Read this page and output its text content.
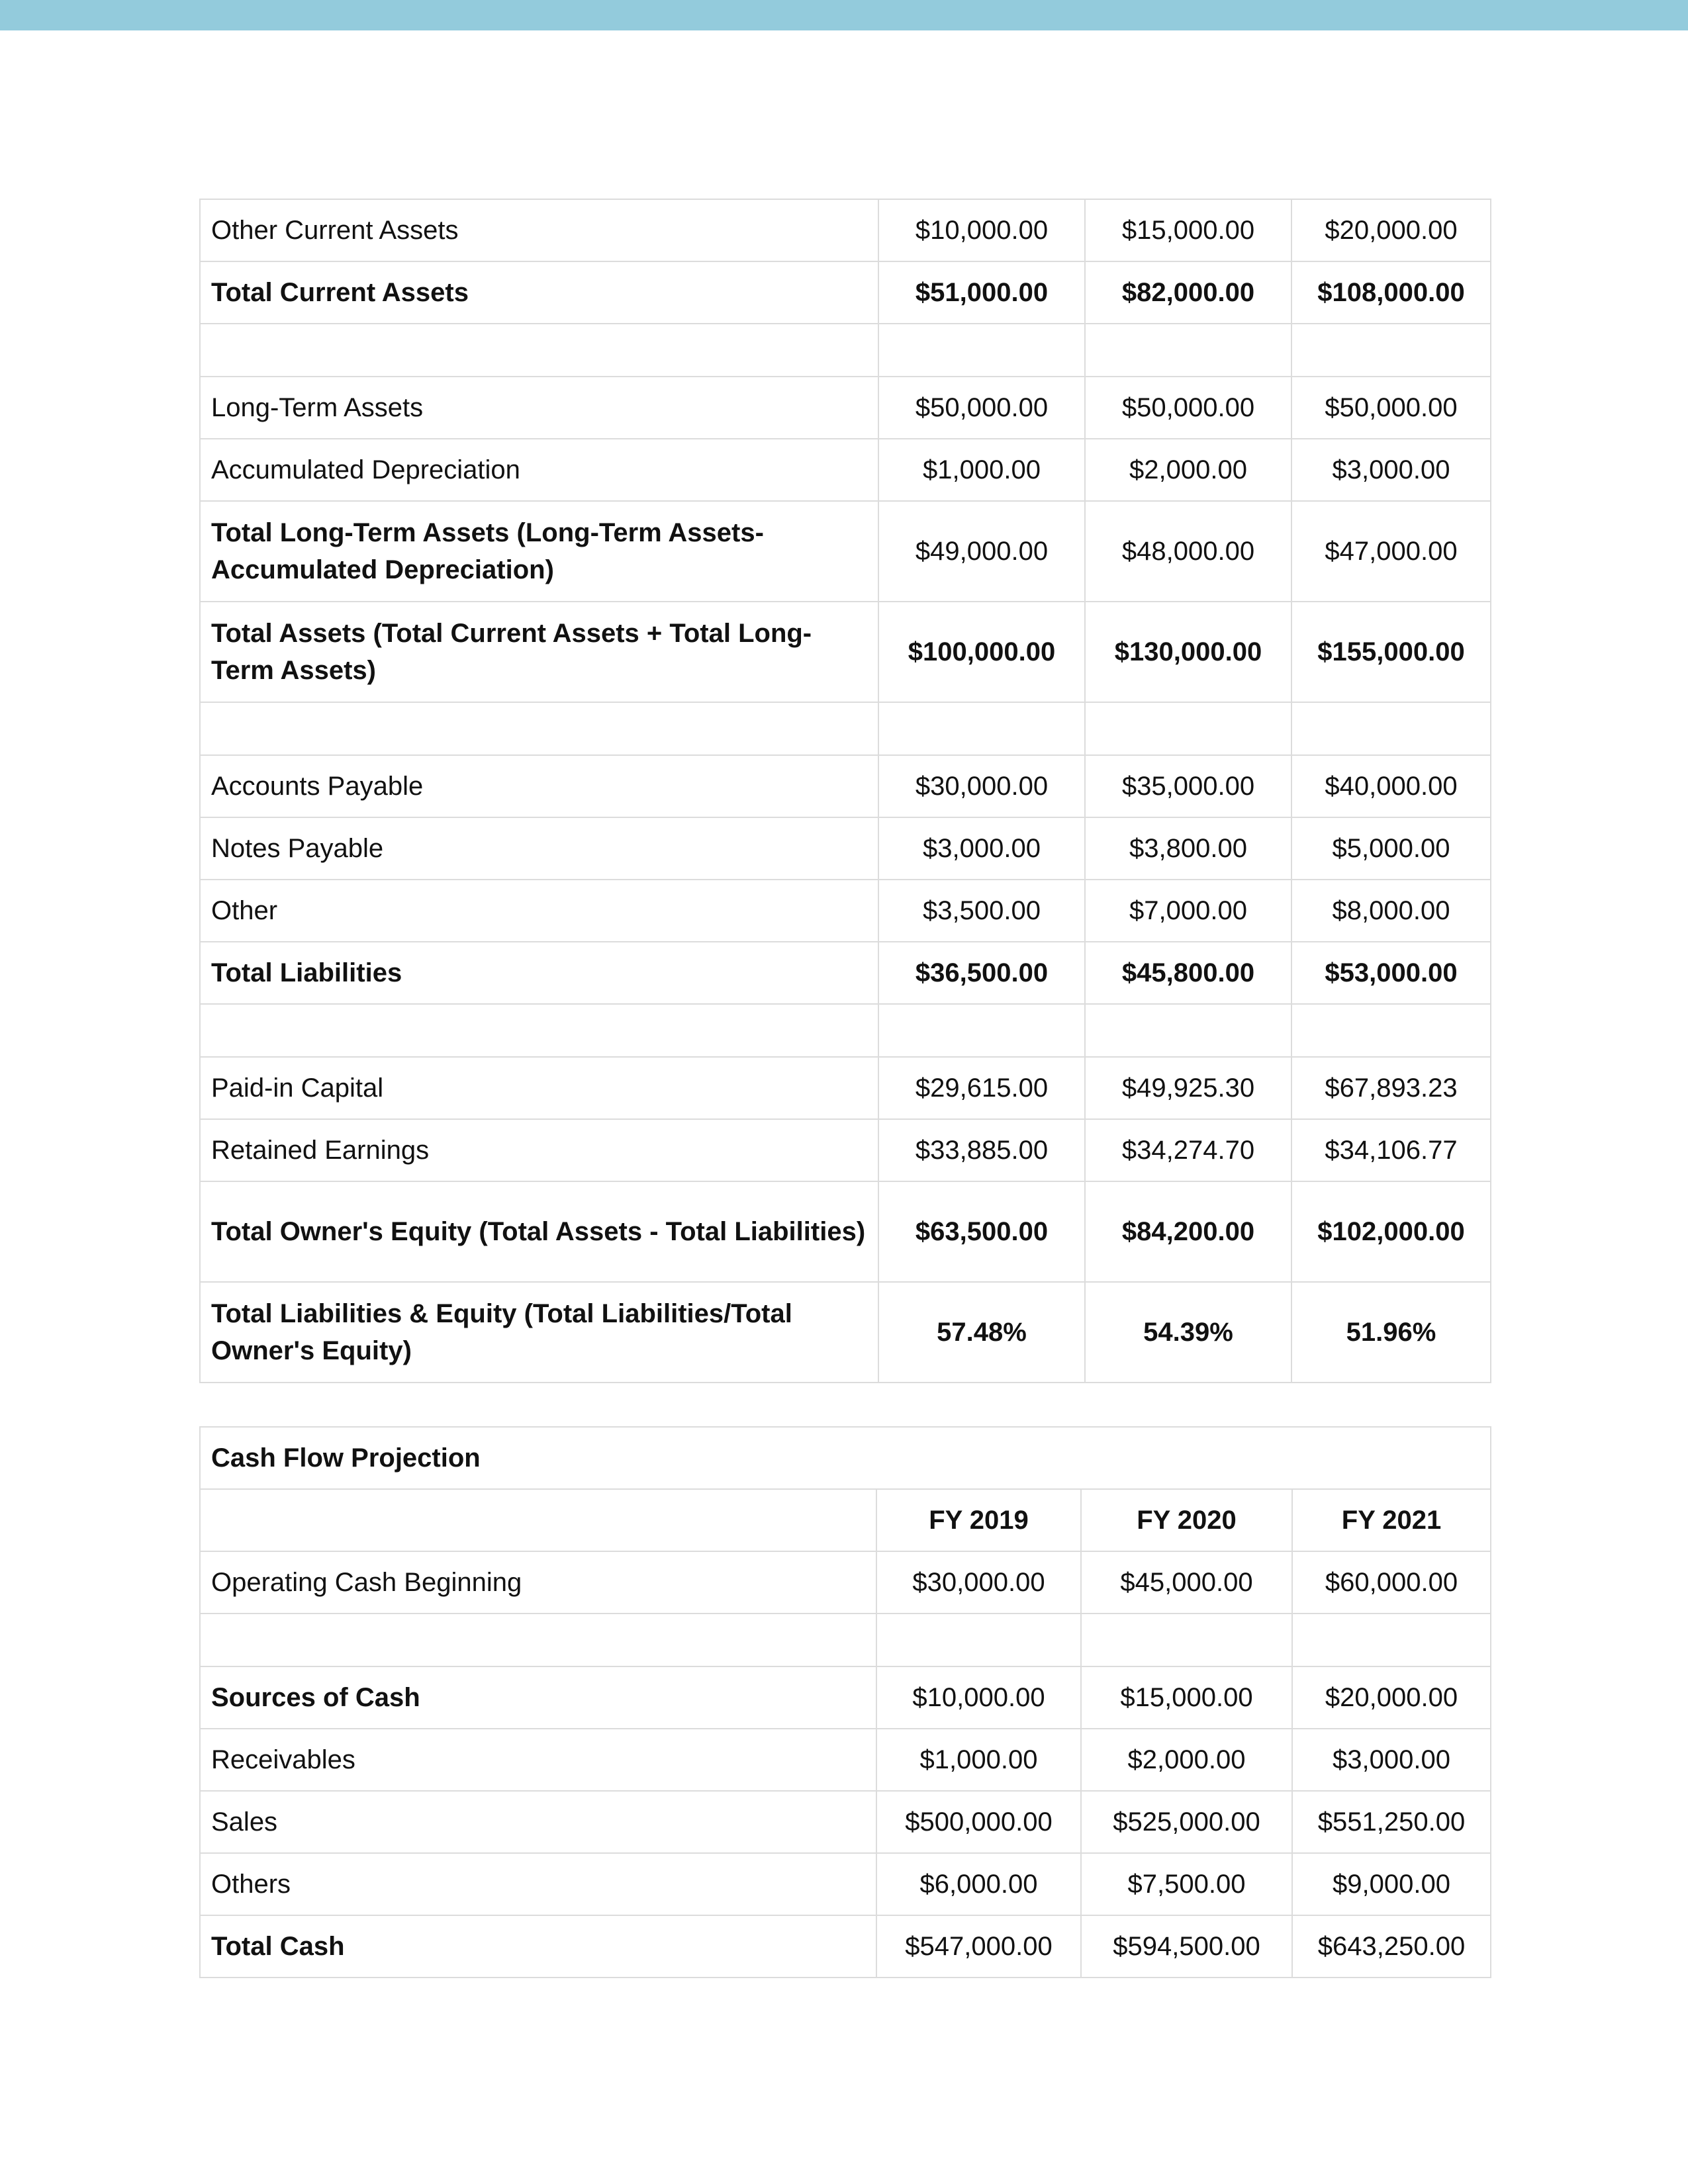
Other Current Assets	$10,000.00	$15,000.00	$20,000.00
Total Current Assets	$51,000.00	$82,000.00	$108,000.00

Long-Term Assets	$50,000.00	$50,000.00	$50,000.00
Accumulated Depreciation	$1,000.00	$2,000.00	$3,000.00
Total Long-Term Assets (Long-Term Assets-Accumulated Depreciation)	$49,000.00	$48,000.00	$47,000.00
Total Assets (Total Current Assets + Total Long-Term Assets)	$100,000.00	$130,000.00	$155,000.00

Accounts Payable	$30,000.00	$35,000.00	$40,000.00
Notes Payable	$3,000.00	$3,800.00	$5,000.00
Other	$3,500.00	$7,000.00	$8,000.00
Total Liabilities	$36,500.00	$45,800.00	$53,000.00

Paid-in Capital	$29,615.00	$49,925.30	$67,893.23
Retained Earnings	$33,885.00	$34,274.70	$34,106.77
Total Owner's Equity (Total Assets - Total Liabilities)	$63,500.00	$84,200.00	$102,000.00
Total Liabilities & Equity (Total Liabilities/Total Owner's Equity)	57.48%	54.39%	51.96%
Cash Flow Projection			
	FY 2019	FY 2020	FY 2021
Operating Cash Beginning	$30,000.00	$45,000.00	$60,000.00

Sources of Cash	$10,000.00	$15,000.00	$20,000.00
Receivables	$1,000.00	$2,000.00	$3,000.00
Sales	$500,000.00	$525,000.00	$551,250.00
Others	$6,000.00	$7,500.00	$9,000.00
Total Cash	$547,000.00	$594,500.00	$643,250.00
